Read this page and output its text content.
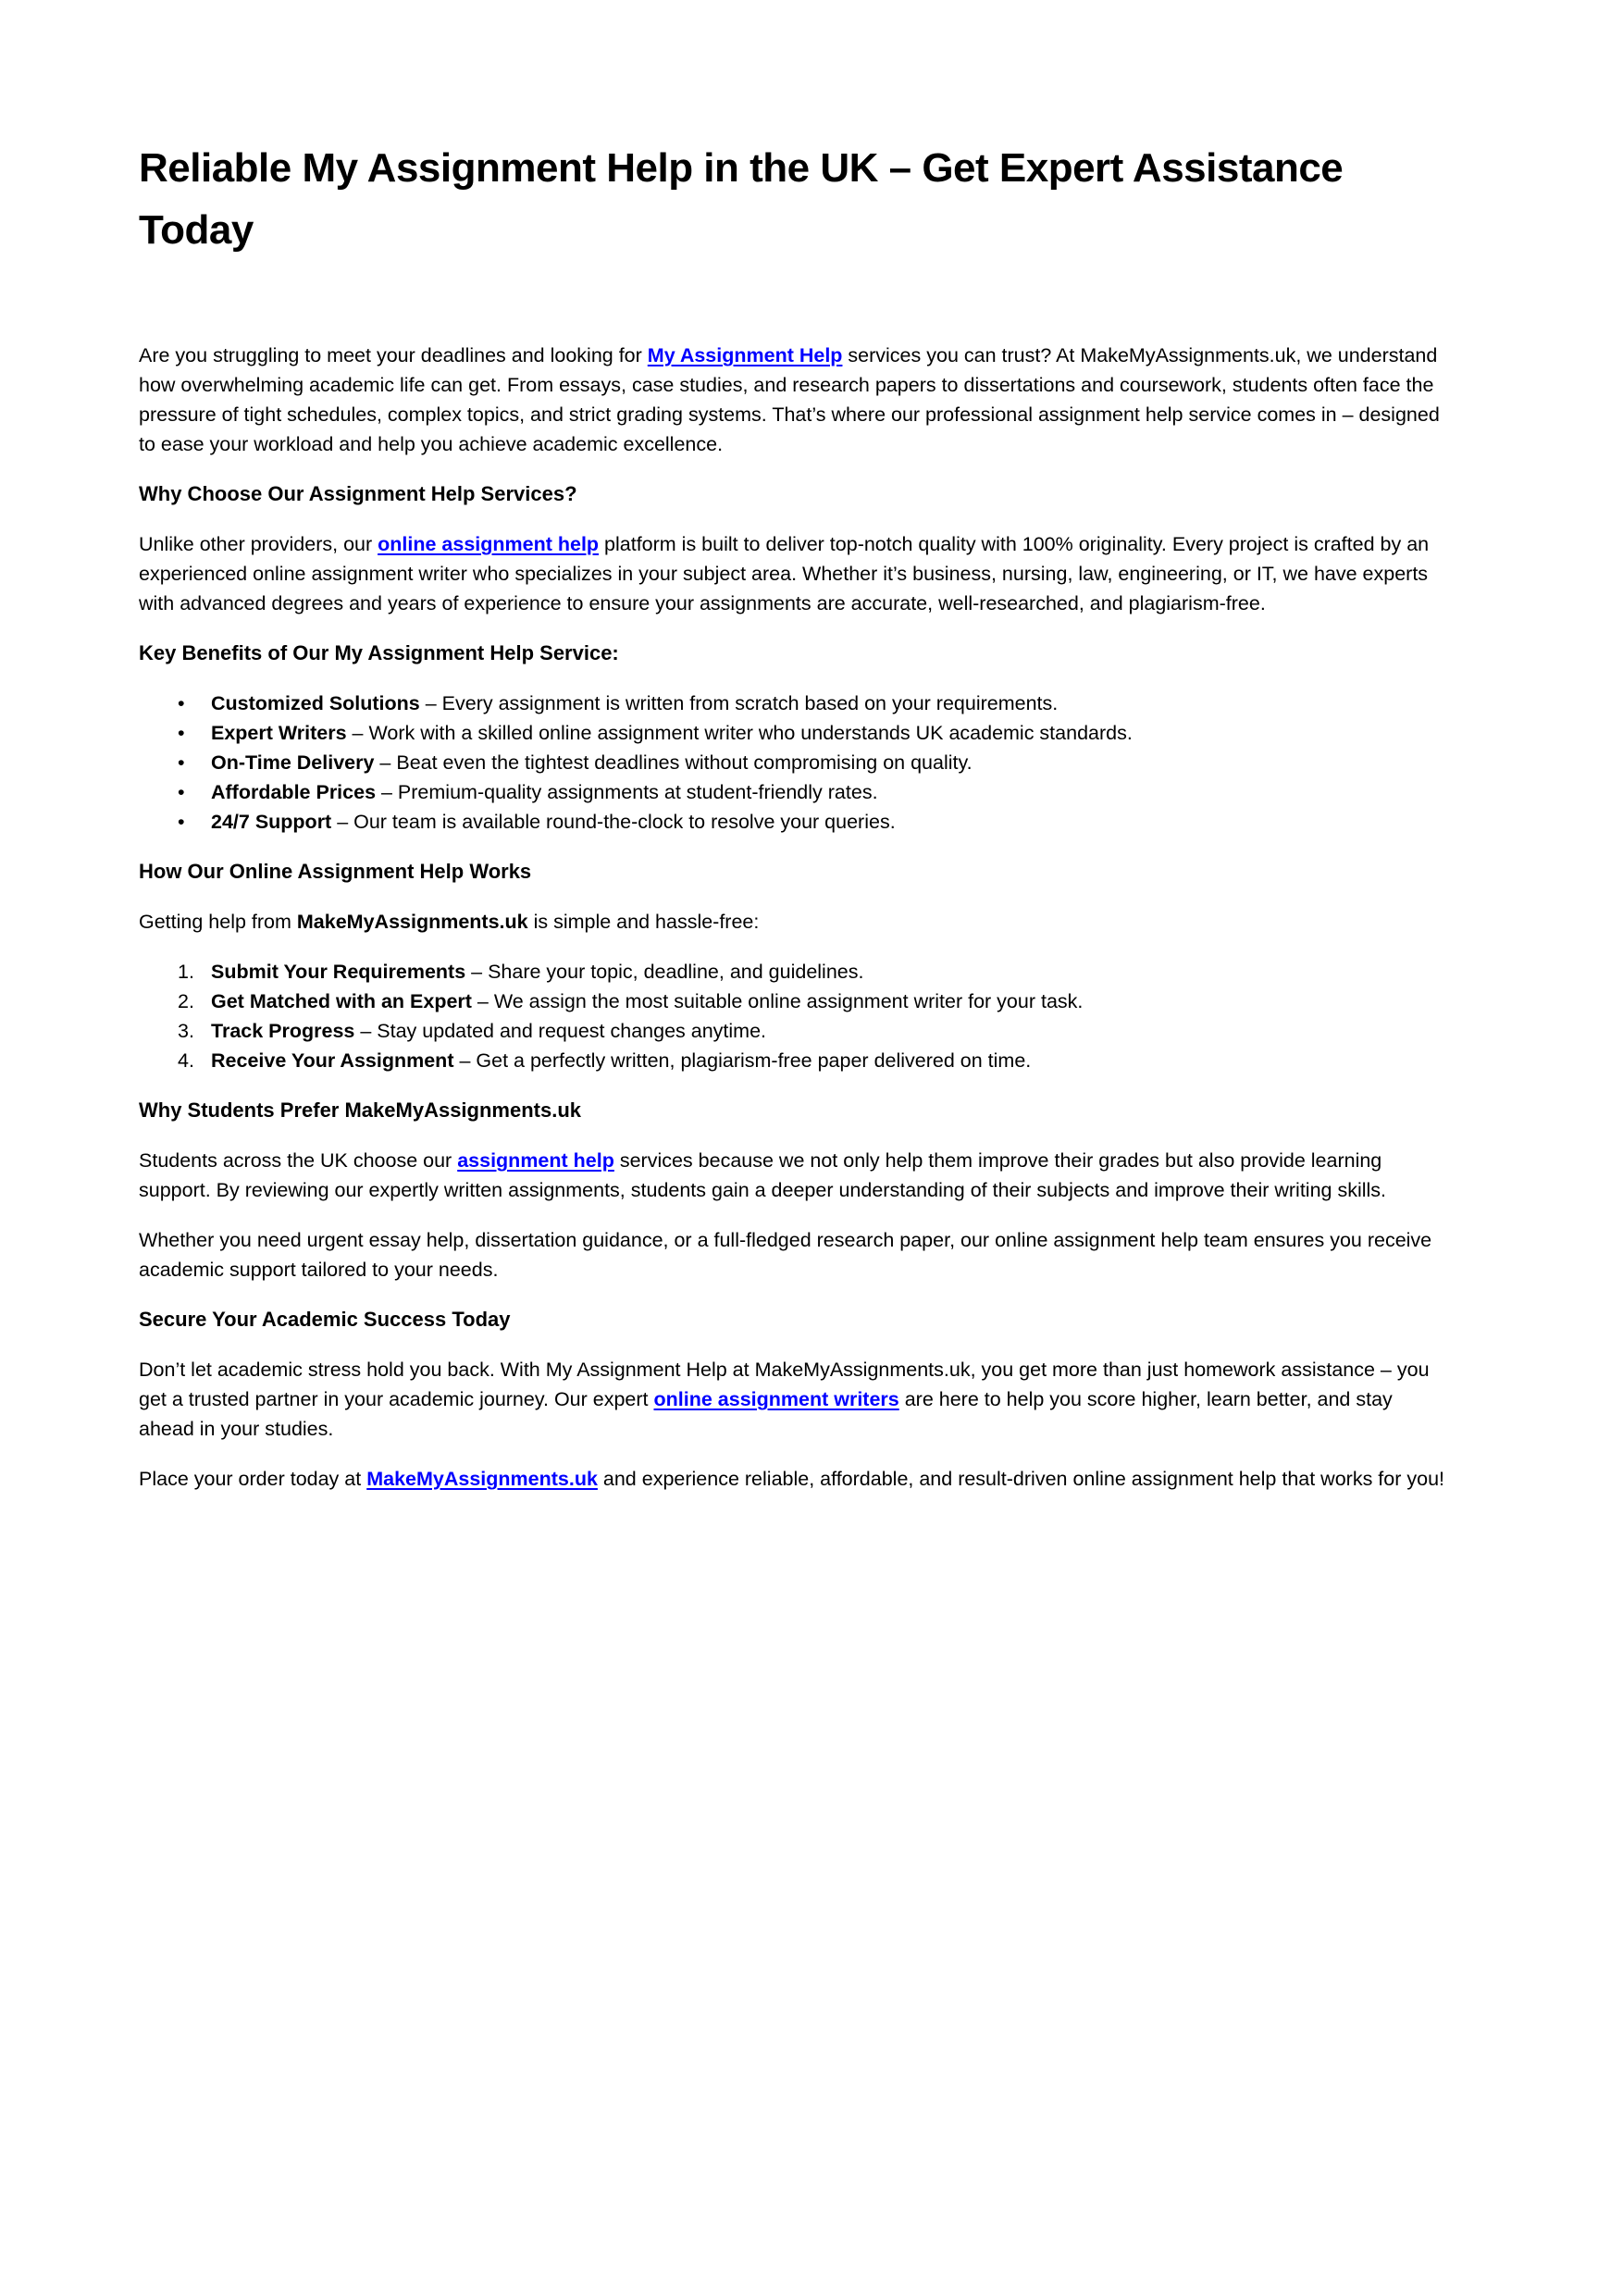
Reliable My Assignment Help in the UK – Get Expert Assistance Today

Are you struggling to meet your deadlines and looking for My Assignment Help services you can trust? At MakeMyAssignments.uk, we understand how overwhelming academic life can get. From essays, case studies, and research papers to dissertations and coursework, students often face the pressure of tight schedules, complex topics, and strict grading systems. That’s where our professional assignment help service comes in – designed to ease your workload and help you achieve academic excellence.

Why Choose Our Assignment Help Services?

Unlike other providers, our online assignment help platform is built to deliver top-notch quality with 100% originality. Every project is crafted by an experienced online assignment writer who specializes in your subject area. Whether it’s business, nursing, law, engineering, or IT, we have experts with advanced degrees and years of experience to ensure your assignments are accurate, well-researched, and plagiarism-free.

Key Benefits of Our My Assignment Help Service:
• Customized Solutions – Every assignment is written from scratch based on your requirements.
• Expert Writers – Work with a skilled online assignment writer who understands UK academic standards.
• On-Time Delivery – Beat even the tightest deadlines without compromising on quality.
• Affordable Prices – Premium-quality assignments at student-friendly rates.
• 24/7 Support – Our team is available round-the-clock to resolve your queries.
How Our Online Assignment Help Works

Getting help from MakeMyAssignments.uk is simple and hassle-free:

1. Submit Your Requirements – Share your topic, deadline, and guidelines.
2. Get Matched with an Expert – We assign the most suitable online assignment writer for your task.
3. Track Progress – Stay updated and request changes anytime.
4. Receive Your Assignment – Get a perfectly written, plagiarism-free paper delivered on time.
Why Students Prefer MakeMyAssignments.uk

Students across the UK choose our assignment help services because we not only help them improve their grades but also provide learning support. By reviewing our expertly written assignments, students gain a deeper understanding of their subjects and improve their writing skills.

Whether you need urgent essay help, dissertation guidance, or a full-fledged research paper, our online assignment help team ensures you receive academic support tailored to your needs.

Secure Your Academic Success Today

Don’t let academic stress hold you back. With My Assignment Help at MakeMyAssignments.uk, you get more than just homework assistance – you get a trusted partner in your academic journey. Our expert online assignment writers are here to help you score higher, learn better, and stay ahead in your studies.

Place your order today at MakeMyAssignments.uk and experience reliable, affordable, and result-driven online assignment help that works for you!
